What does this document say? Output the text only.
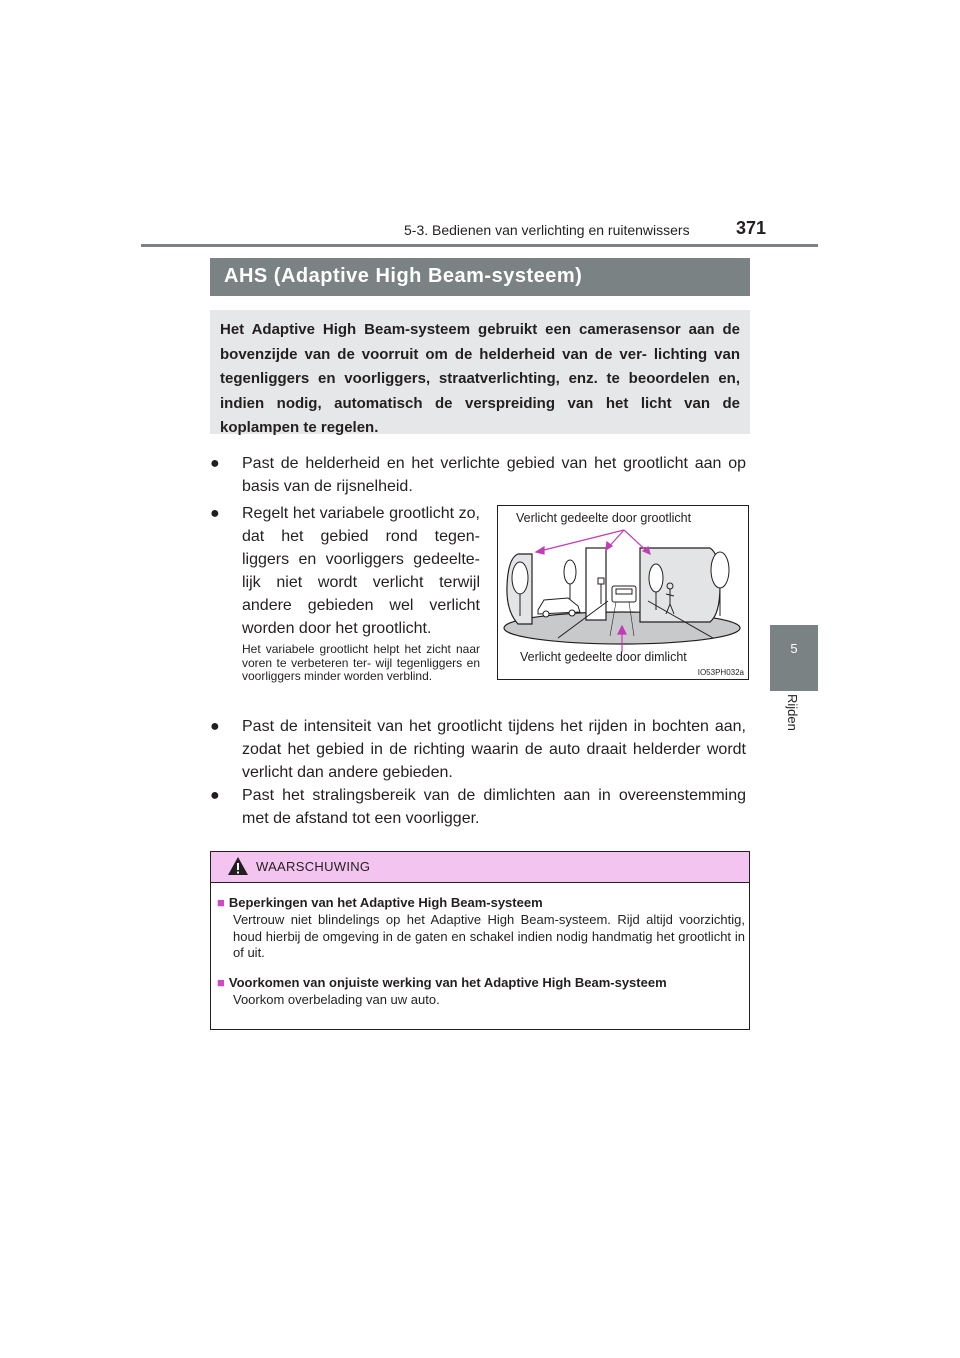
5-3. Bedienen van verlichting en ruitenwissers	371
5
Rijden
AHS (Adaptive High Beam-systeem)

Het Adaptive High Beam-systeem gebruikt een camerasensor aan de bovenzijde van de voorruit om de helderheid van de ver- lichting van tegenliggers en voorliggers, straatverlichting, enz. te beoordelen en, indien nodig, automatisch de verspreiding van het licht van de koplampen te regelen.

●	Past de helderheid en het verlichte gebied van het grootlicht aan op basis van de rijsnelheid.
●	Regelt het variabele grootlicht zo, dat het gebied rond tegen- liggers en voorliggers gedeelte- lijk niet wordt verlicht terwijl andere gebieden wel verlicht worden door het grootlicht.

Het variabele grootlicht helpt het zicht naar voren te verbeteren ter- wijl tegenliggers en voorliggers minder worden verblind.

Verlicht gedeelte door grootlicht
Verlicht gedeelte door dimlicht
IO53PH032a
●	Past de intensiteit van het grootlicht tijdens het rijden in bochten aan, zodat het gebied in de richting waarin de auto draait helderder wordt verlicht dan andere gebieden.
●	Past het stralingsbereik van de dimlichten aan in overeenstemming met de afstand tot een voorligger.
WAARSCHUWING
■ Beperkingen van het Adaptive High Beam-systeem

Vertrouw niet blindelings op het Adaptive High Beam-systeem. Rijd altijd voorzichtig, houd hierbij de omgeving in de gaten en schakel indien nodig handmatig het grootlicht in of uit.

■ Voorkomen van onjuiste werking van het Adaptive High Beam-systeem

Voorkom overbelading van uw auto.
